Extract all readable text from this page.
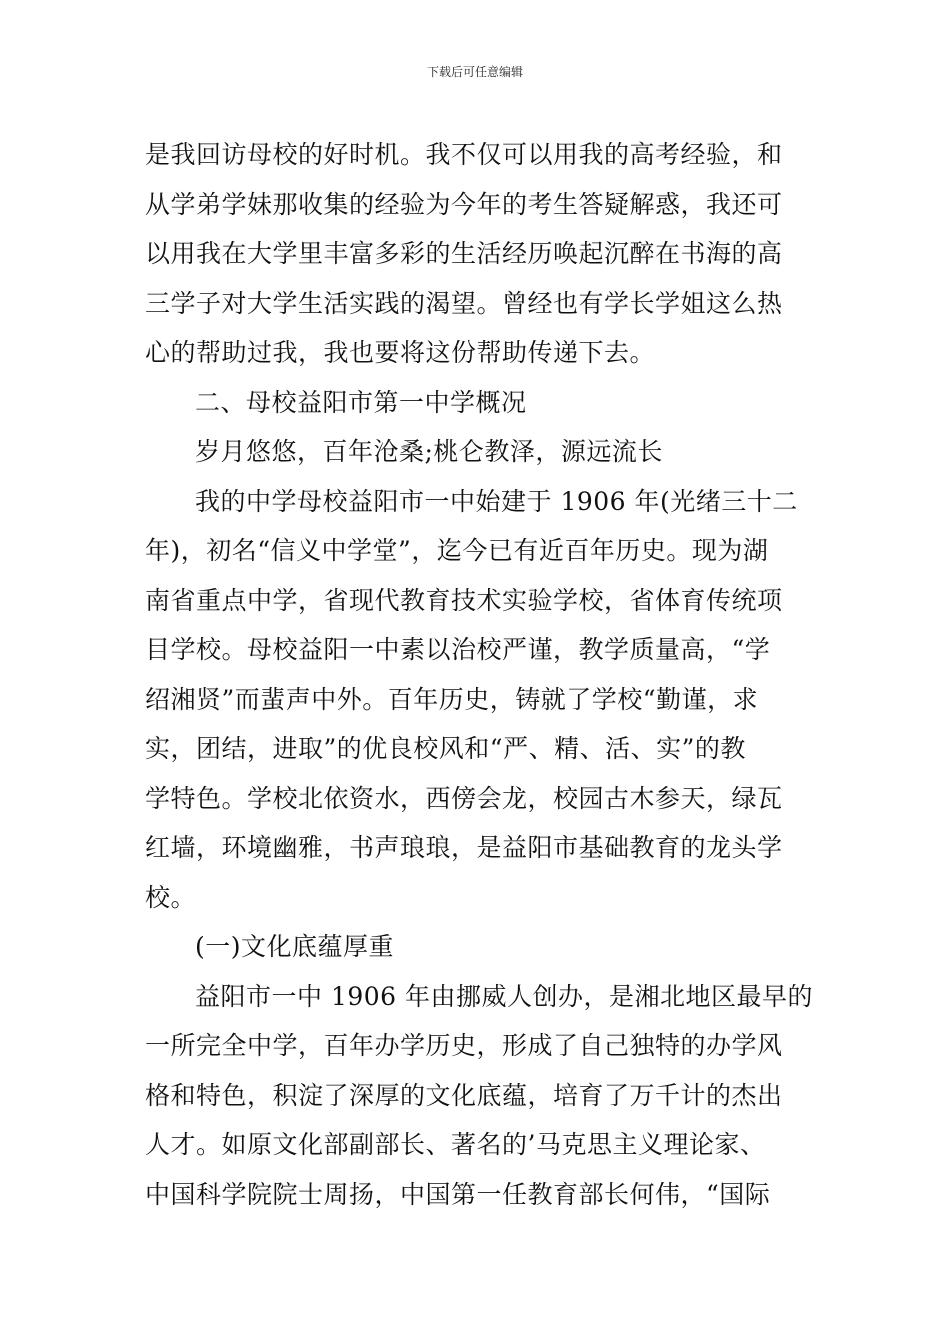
下载后可任意编辑
是我回访母校的好时机。我不仅可以用我的高考经验，和
从学弟学妹那收集的经验为今年的考生答疑解惑，我还可
以用我在大学里丰富多彩的生活经历唤起沉醉在书海的高
三学子对大学生活实践的渴望。曾经也有学长学姐这么热
心的帮助过我，我也要将这份帮助传递下去。
二、母校益阳市第一中学概况
岁月悠悠，百年沧桑;桃仑教泽，源远流长
我的中学母校益阳市一中始建于 1906 年(光绪三十二
年)，初名“信义中学堂”，迄今已有近百年历史。现为湖
南省重点中学，省现代教育技术实验学校，省体育传统项
目学校。母校益阳一中素以治校严谨，教学质量高，“学
绍湘贤”而蜚声中外。百年历史，铸就了学校“勤谨，求
实，团结，进取”的优良校风和“严、精、活、实”的教
学特色。学校北依资水，西傍会龙，校园古木参天，绿瓦
红墙，环境幽雅，书声琅琅，是益阳市基础教育的龙头学
校。
(一)文化底蕴厚重
益阳市一中 1906 年由挪威人创办，是湘北地区最早的
一所完全中学，百年办学历史，形成了自己独特的办学风
格和特色，积淀了深厚的文化底蕴，培育了万千计的杰出
人才。如原文化部副部长、著名的’马克思主义理论家、
中国科学院院士周扬，中国第一任教育部长何伟，“国际
